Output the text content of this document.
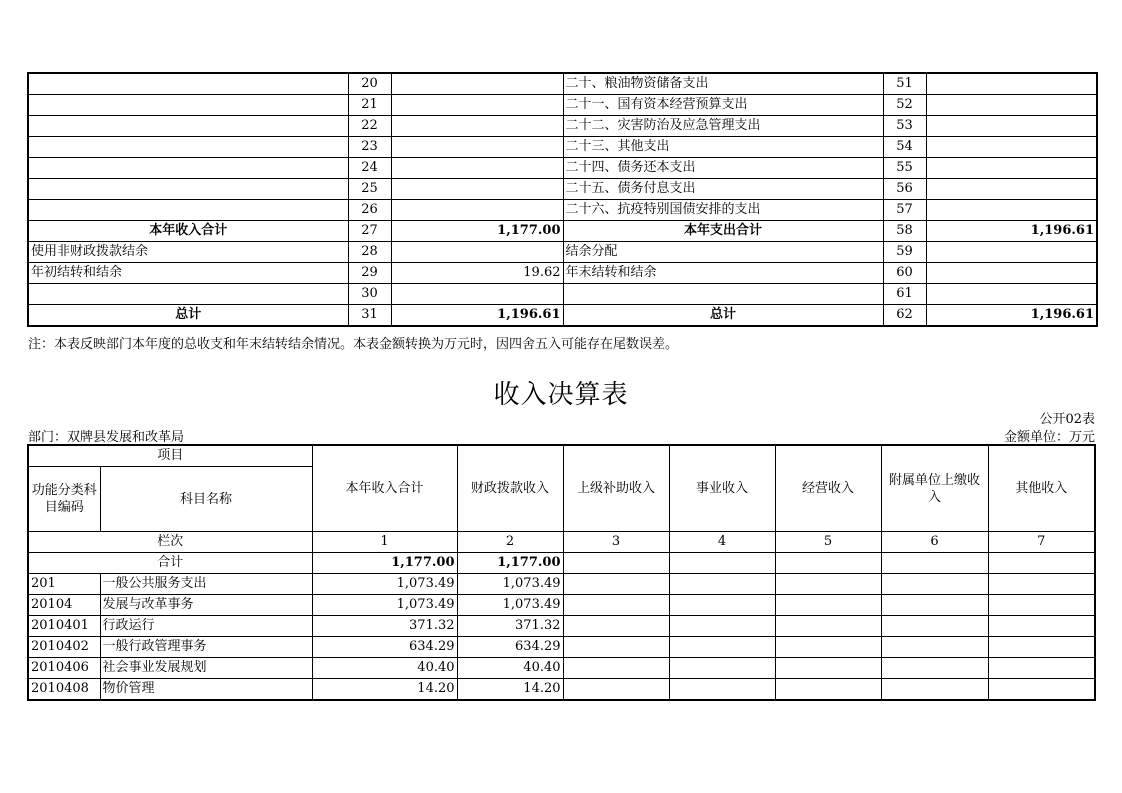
	20		二十、粮油物资储备支出	51	
	21		二十一、国有资本经营预算支出	52	
	22		二十二、灾害防治及应急管理支出	53	
	23		二十三、其他支出	54	
	24		二十四、债务还本支出	55	
	25		二十五、债务付息支出	56	
	26		二十六、抗疫特别国债安排的支出	57	
本年收入合计	27	1,177.00	本年支出合计	58	1,196.61
使用非财政拨款结余	28		结余分配	59	
年初结转和结余	29	19.62	年末结转和结余	60	
	30			61	
总计	31	1,196.61	总计	62	1,196.61
注：本表反映部门本年度的总收支和年末结转结余情况。本表金额转换为万元时，因四舍五入可能存在尾数误差。
收入决算表
公开02表
部门：双牌县发展和改革局	金额单位：万元
项目		本年收入合计	财政拨款收入	上级补助收入	事业收入	经营收入	附属单位上缴收入	其他收入
功能分类科目编码	科目名称							
栏次		1	2	3	4	5	6	7
合计		1,177.00	1,177.00					
201	一般公共服务支出	1,073.49	1,073.49					
20104	发展与改革事务	1,073.49	1,073.49					
2010401	行政运行	371.32	371.32					
2010402	一般行政管理事务	634.29	634.29					
2010406	社会事业发展规划	40.40	40.40					
2010408	物价管理	14.20	14.20					
